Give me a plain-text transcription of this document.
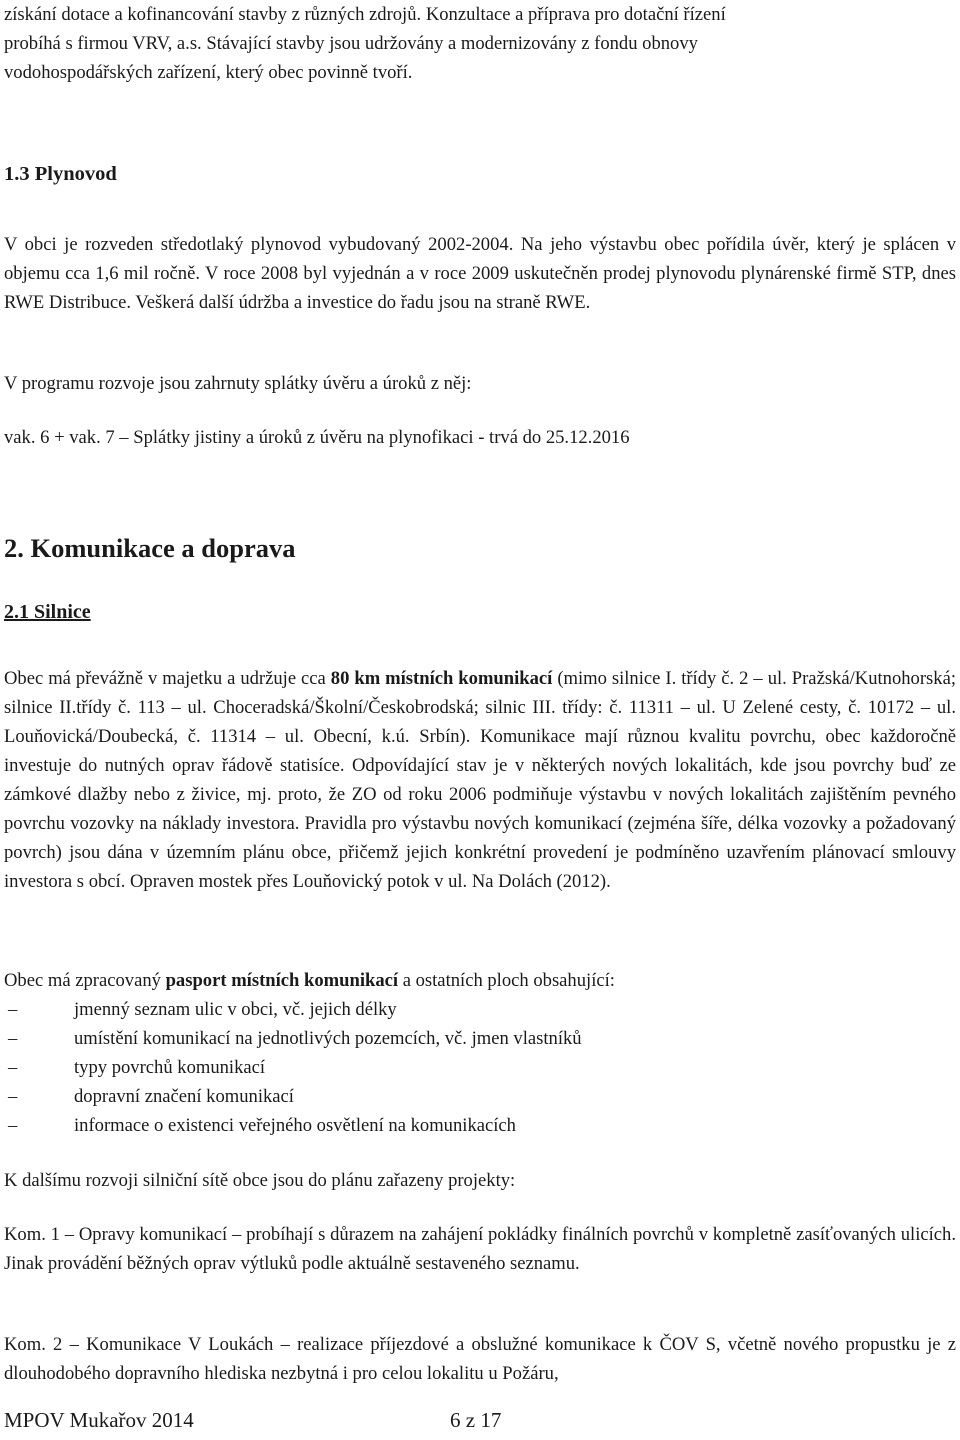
získání dotace a kofinancování stavby z různých zdrojů. Konzultace a příprava pro dotační řízení
probíhá s firmou VRV, a.s. Stávající stavby jsou udržovány a modernizovány z fondu obnovy
vodohospodářských zařízení, který obec povinně tvoří.
1.3 Plynovod

V obci je rozveden středotlaký plynovod vybudovaný 2002-2004. Na jeho výstavbu obec pořídila úvěr, který je splácen v objemu cca 1,6 mil ročně. V roce 2008 byl vyjednán a v roce 2009 uskutečněn prodej plynovodu plynárenské firmě STP, dnes RWE Distribuce. Veškerá další údržba a investice do řadu jsou na straně RWE.

V programu rozvoje jsou zahrnuty splátky úvěru a úroků z něj:

vak. 6 + vak. 7 – Splátky jistiny a úroků z úvěru na plynofikaci - trvá do 25.12.2016

2. Komunikace a doprava
2.1 Silnice

Obec má převážně v majetku a udržuje cca 80 km místních komunikací (mimo silnice I. třídy č. 2 – ul. Pražská/Kutnohorská; silnice II.třídy č. 113 – ul. Choceradská/Školní/Českobrodská; silnic III. třídy: č. 11311 – ul. U Zelené cesty, č. 10172 – ul. Louňovická/Doubecká, č. 11314 – ul. Obecní, k.ú. Srbín). Komunikace mají různou kvalitu povrchu, obec každoročně investuje do nutných oprav řádově statisíce. Odpovídající stav je v některých nových lokalitách, kde jsou povrchy buď ze zámkové dlažby nebo z živice, mj. proto, že ZO od roku 2006 podmiňuje výstavbu v nových lokalitách zajištěním pevného povrchu vozovky na náklady investora. Pravidla pro výstavbu nových komunikací (zejména šíře, délka vozovky a požadovaný povrch) jsou dána v územním plánu obce, přičemž jejich konkrétní provedení je podmíněno uzavřením plánovací smlouvy investora s obcí. Opraven mostek přes Louňovický potok v ul. Na Dolách (2012).

Obec má zpracovaný pasport místních komunikací a ostatních ploch obsahující:

–	jmenný seznam ulic v obci, vč. jejich délky
–	umístění komunikací na jednotlivých pozemcích, vč. jmen vlastníků
–	typy povrchů komunikací
–	dopravní značení komunikací
–	informace o existenci veřejného osvětlení na komunikacích

K dalšímu rozvoji silniční sítě obce jsou do plánu zařazeny projekty:

Kom. 1 – Opravy komunikací – probíhají s důrazem na zahájení pokládky finálních povrchů v kompletně zasíťovaných ulicích. Jinak provádění běžných oprav výtluků podle aktuálně sestaveného seznamu.

Kom. 2 – Komunikace V Loukách – realizace příjezdové a obslužné komunikace k ČOV S, včetně nového propustku je z dlouhodobého dopravního hlediska nezbytná i pro celou lokalitu u Požáru,

MPOV Mukařov 2014	6 z 17
